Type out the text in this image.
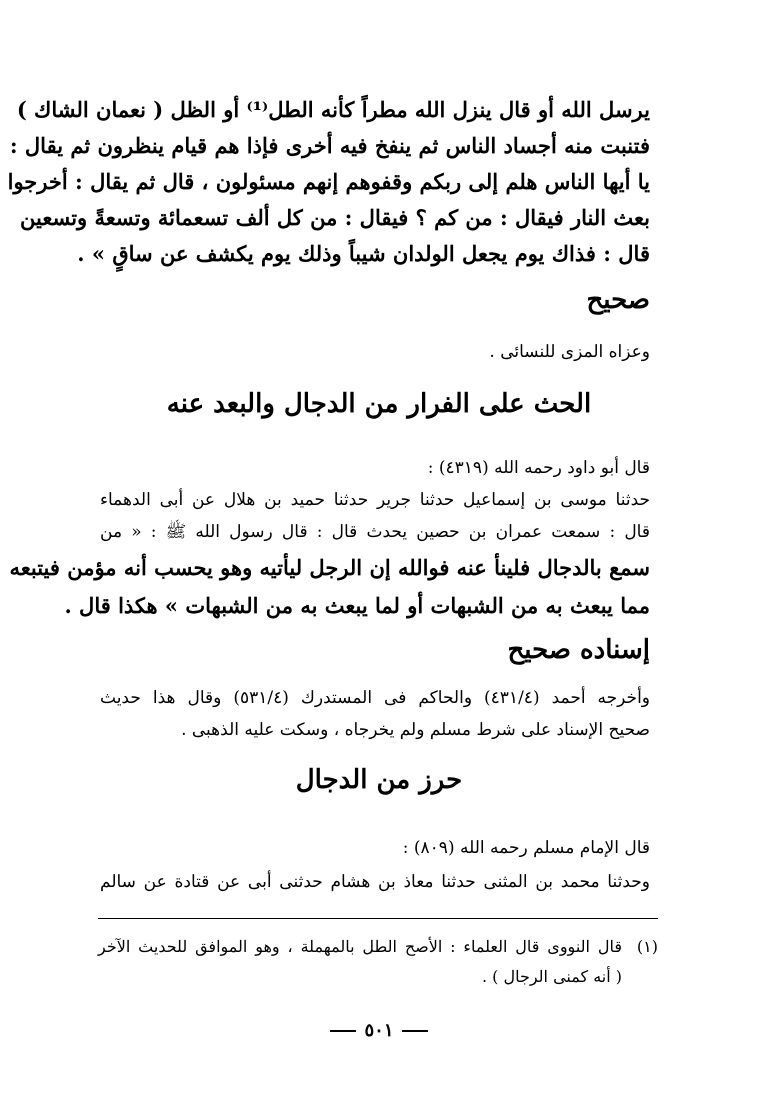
يرسل الله أو قال ينزل الله مطراً كأنه الطل⁽¹⁾ أو الظل ( نعمان الشاك )
فتنبت منه أجساد الناس ثم ينفخ فيه أخرى فإذا هم قيام ينظرون ثم يقال :
يا أيها الناس هلم إلى ربكم وقفوهم إنهم مسئولون ، قال ثم يقال : أخرجوا
بعث النار فيقال : من كم ؟ فيقال : من كل ألف تسعمائة وتسعةً وتسعين
قال : فذاك يوم يجعل الولدان شيباً وذلك يوم يكشف عن ساقٍ » .
صحيح
وعزاه المزى للنسائى .
الحث على الفرار من الدجال والبعد عنه
قال أبو داود رحمه الله (٤٣١٩) :
حدثنا موسى بن إسماعيل حدثنا جرير حدثنا حميد بن هلال عن أبى الدهماء
قال : سمعت عمران بن حصين يحدث قال : قال رسول الله ﷺ : « من
سمع بالدجال فلينأ عنه فوالله إن الرجل ليأتيه وهو يحسب أنه مؤمن فيتبعه
مما يبعث به من الشبهات أو لما يبعث به من الشبهات » هكذا قال .
إسناده صحيح
وأخرجه أحمد (٤٣١/٤) والحاكم فى المستدرك (٥٣١/٤) وقال هذا حديث
صحيح الإسناد على شرط مسلم ولم يخرجاه ، وسكت عليه الذهبى .
حرز من الدجال
قال الإمام مسلم رحمه الله (٨٠٩) :
وحدثنا محمد بن المثنى حدثنا معاذ بن هشام حدثنى أبى عن قتادة عن سالم
(١)قال النووى قال العلماء : الأصح الطل بالمهملة ، وهو الموافق للحديث الآخر
( أنه كمنى الرجال ) .
٥٠١
